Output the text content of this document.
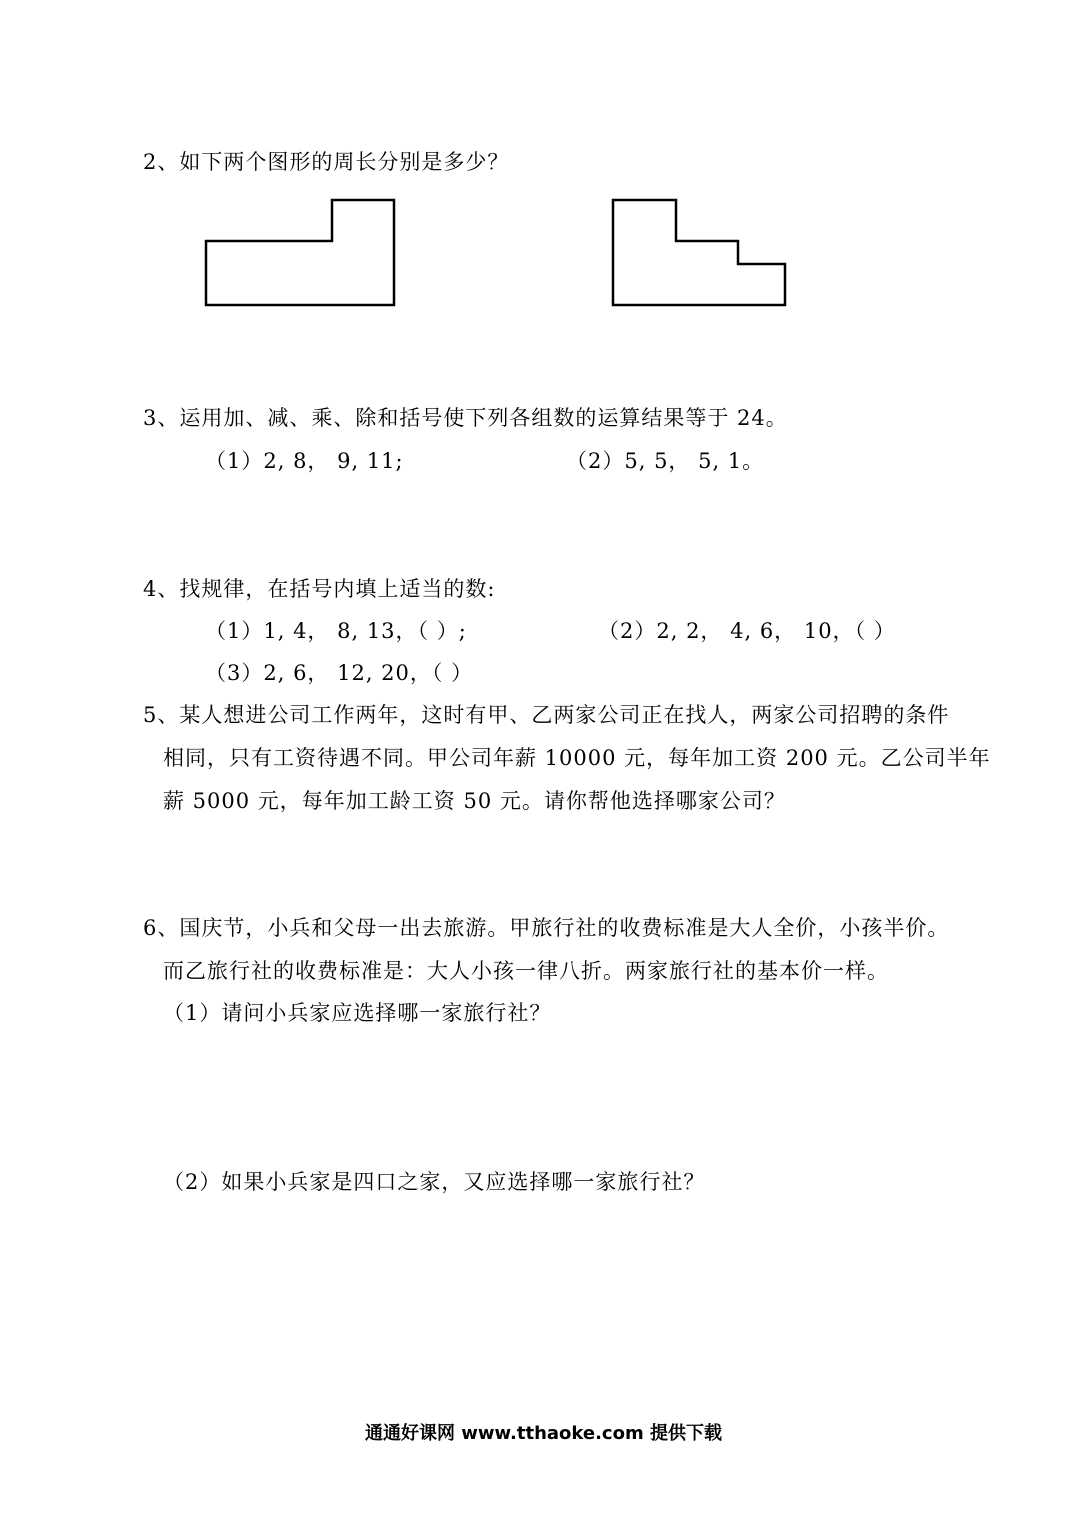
2、如下两个图形的周长分别是多少？
3、运用加、减、乘、除和括号使下列各组数的运算结果等于 24。
（1）2, 8， 9, 11;	（2）5, 5， 5, 1。
4、找规律，在括号内填上适当的数:
（1）1, 4， 8, 13，（ ）;	（2）2, 2， 4, 6， 10，（ ）
（3）2, 6， 12, 20，（ ）
5、某人想进公司工作两年，这时有甲、乙两家公司正在找人，两家公司招聘的条件
相同，只有工资待遇不同。甲公司年薪 10000 元，每年加工资 200 元。乙公司半年
薪 5000 元，每年加工龄工资 50 元。请你帮他选择哪家公司？
6、国庆节，小兵和父母一出去旅游。甲旅行社的收费标准是大人全价，小孩半价。
而乙旅行社的收费标准是：大人小孩一律八折。两家旅行社的基本价一样。
（1）请问小兵家应选择哪一家旅行社？
（2）如果小兵家是四口之家，又应选择哪一家旅行社？
通通好课网 www.tthaoke.com 提供下载
